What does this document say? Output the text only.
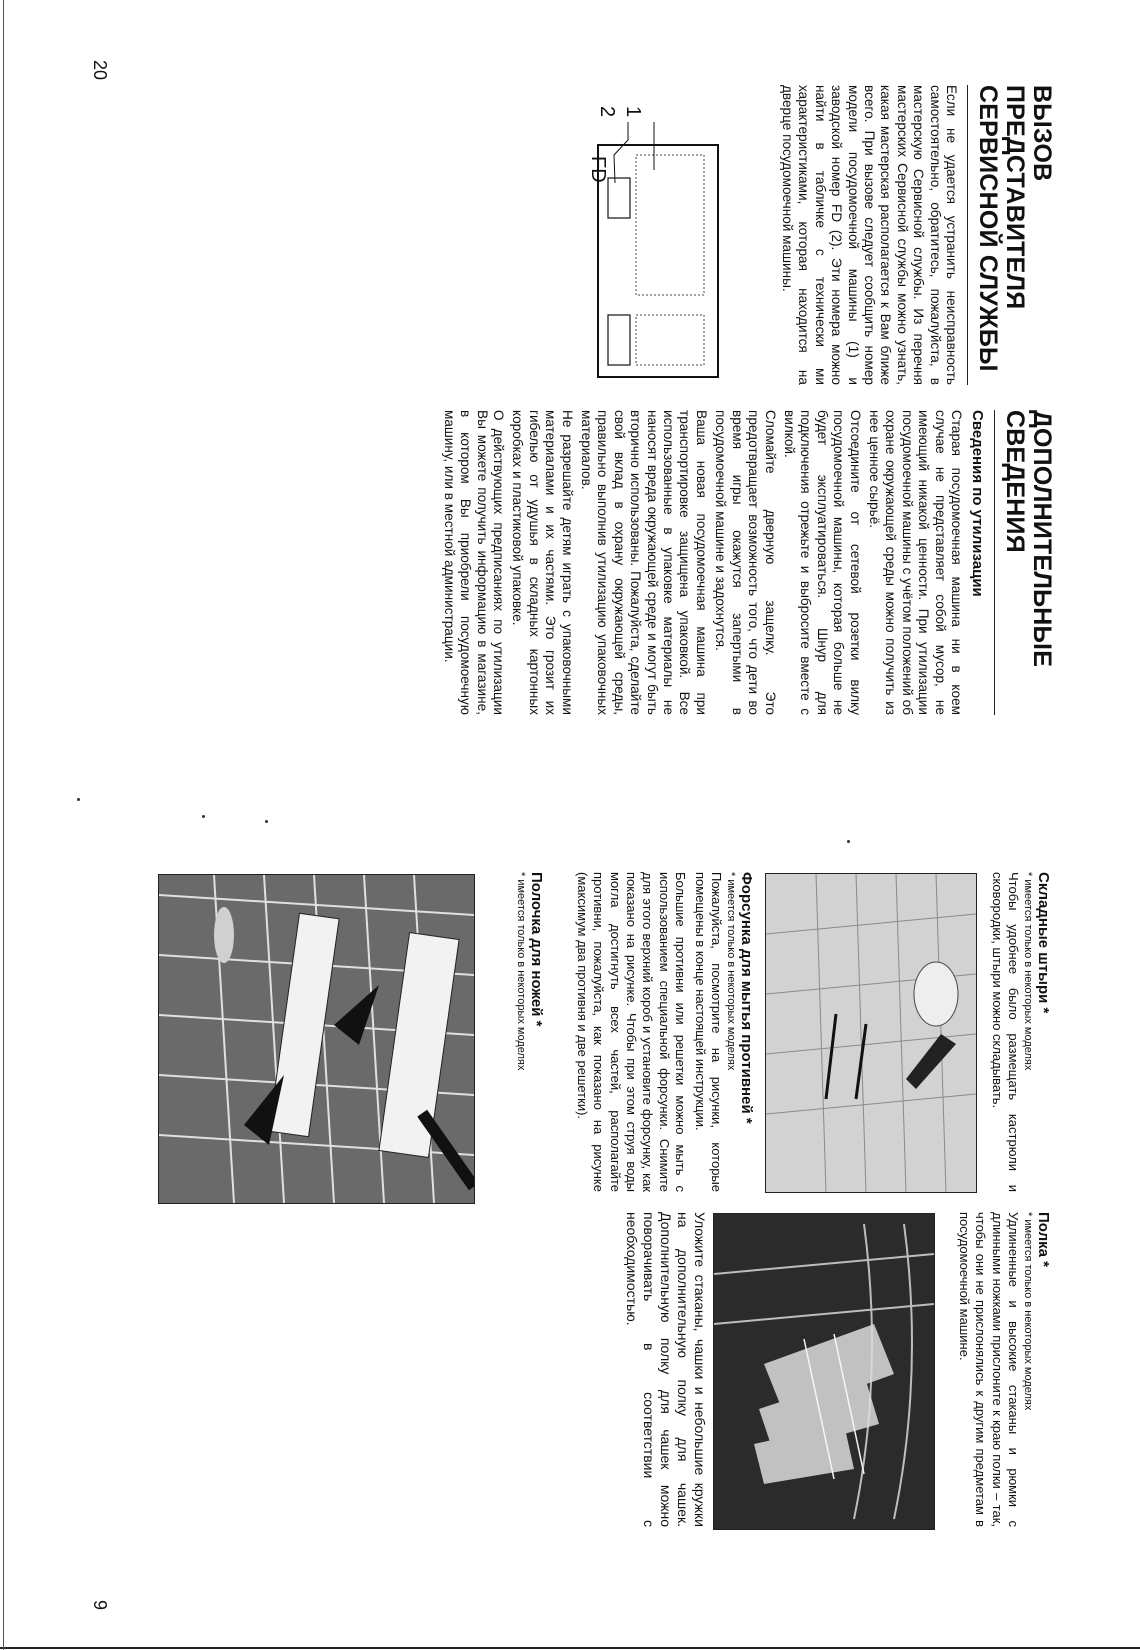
20
ВЫЗОВ ПРЕДСТАВИТЕЛЯ
СЕРВИСНОЙ СЛУЖБЫ
Если не удается устранить неисправность самостоятельно, обратитесь, пожалуйста, в мастерскую Сервисной службы. Из перечня мастерских Сервисной службы можно узнать, какая мастерская располагается к Вам ближе всего. При вызове следует сообщить номер модели посудомоечной машины (1) и заводской номер FD (2). Эти номера можно найти в табличке с технически ми характеристиками, которая находится на дверце посудомоечной машины.
1
2
FD
ДОПОЛНИТЕЛЬНЫЕ
СВЕДЕНИЯ
Сведения по утилизации
Старая посудомоечная машина ни в коем случае не представляет собой мусор, не имеющий никакой ценности. При утилизации посудомоечной машины с учётом положений об охране окружающей среды можно получить из нее ценное сырьё.
Отсоедините от сетевой розетки вилку посудомоечной машины, которая больше не будет эксплуатироваться. Шнур для подключения отрежьте и выбросите вместе с вилкой.
Сломайте дверную защелку. Это предотвращает возможность того, что дети во время игры окажутся запертыми в посудомоечной машине и задохнутся.
Ваша новая посудомоечная машина при транспортировке защищена упаковкой. Все использованные в упаковке материалы не наносят вреда окружающей среде и могут быть вторично использованы. Пожалуйста, сделайте свой вклад в охрану окружающей среды, правильно выполнив утилизацию упаковочных материалов.
Не разрешайте детям играть с упаковочными материалами и их частями. Это грозит их гибелью от удушья в складных картонных коробках и пластиковой упаковке.
О действующих предписаниях по утилизации Вы можете получить информацию в магазине, в котором Вы приобрели посудомоечную машину, или в местной администрации.
9
Складные штыри *
* имеется только в некоторых моделях
Чтобы удобнее было размещать кастрюли и сковородки, штыри можно складывать.
Форсунка для мытья противней *
* имеется только в некоторых моделях
Пожалуйста, посмотрите на рисунки, которые помещены в конце настоящей инструкции.
Большие противни или решетки можно мыть с использованием специальной форсунки. Снимите для этого верхний короб и установите форсунку, как показано на рисунке. Чтобы при этом струя воды могла достигнуть всех частей, располагайте противни, пожалуйста, как показано на рисунке (максимум два противня и две решетки).
Полочка для ножей *
* имеется только в некоторых моделях
Полка *
* имеется только в некоторых моделях
Удлиненные и высокие стаканы и рюмки с длинными ножками прислоните к краю полки – так, чтобы они не прислонялись к другим предметам в посудомоечной машине.
Уложите стаканы, чашки и небольшие кружки на дополнительную полку для чашек. Дополнительную полку для чашек можно поворачивать в соответствии с необходимостью.
